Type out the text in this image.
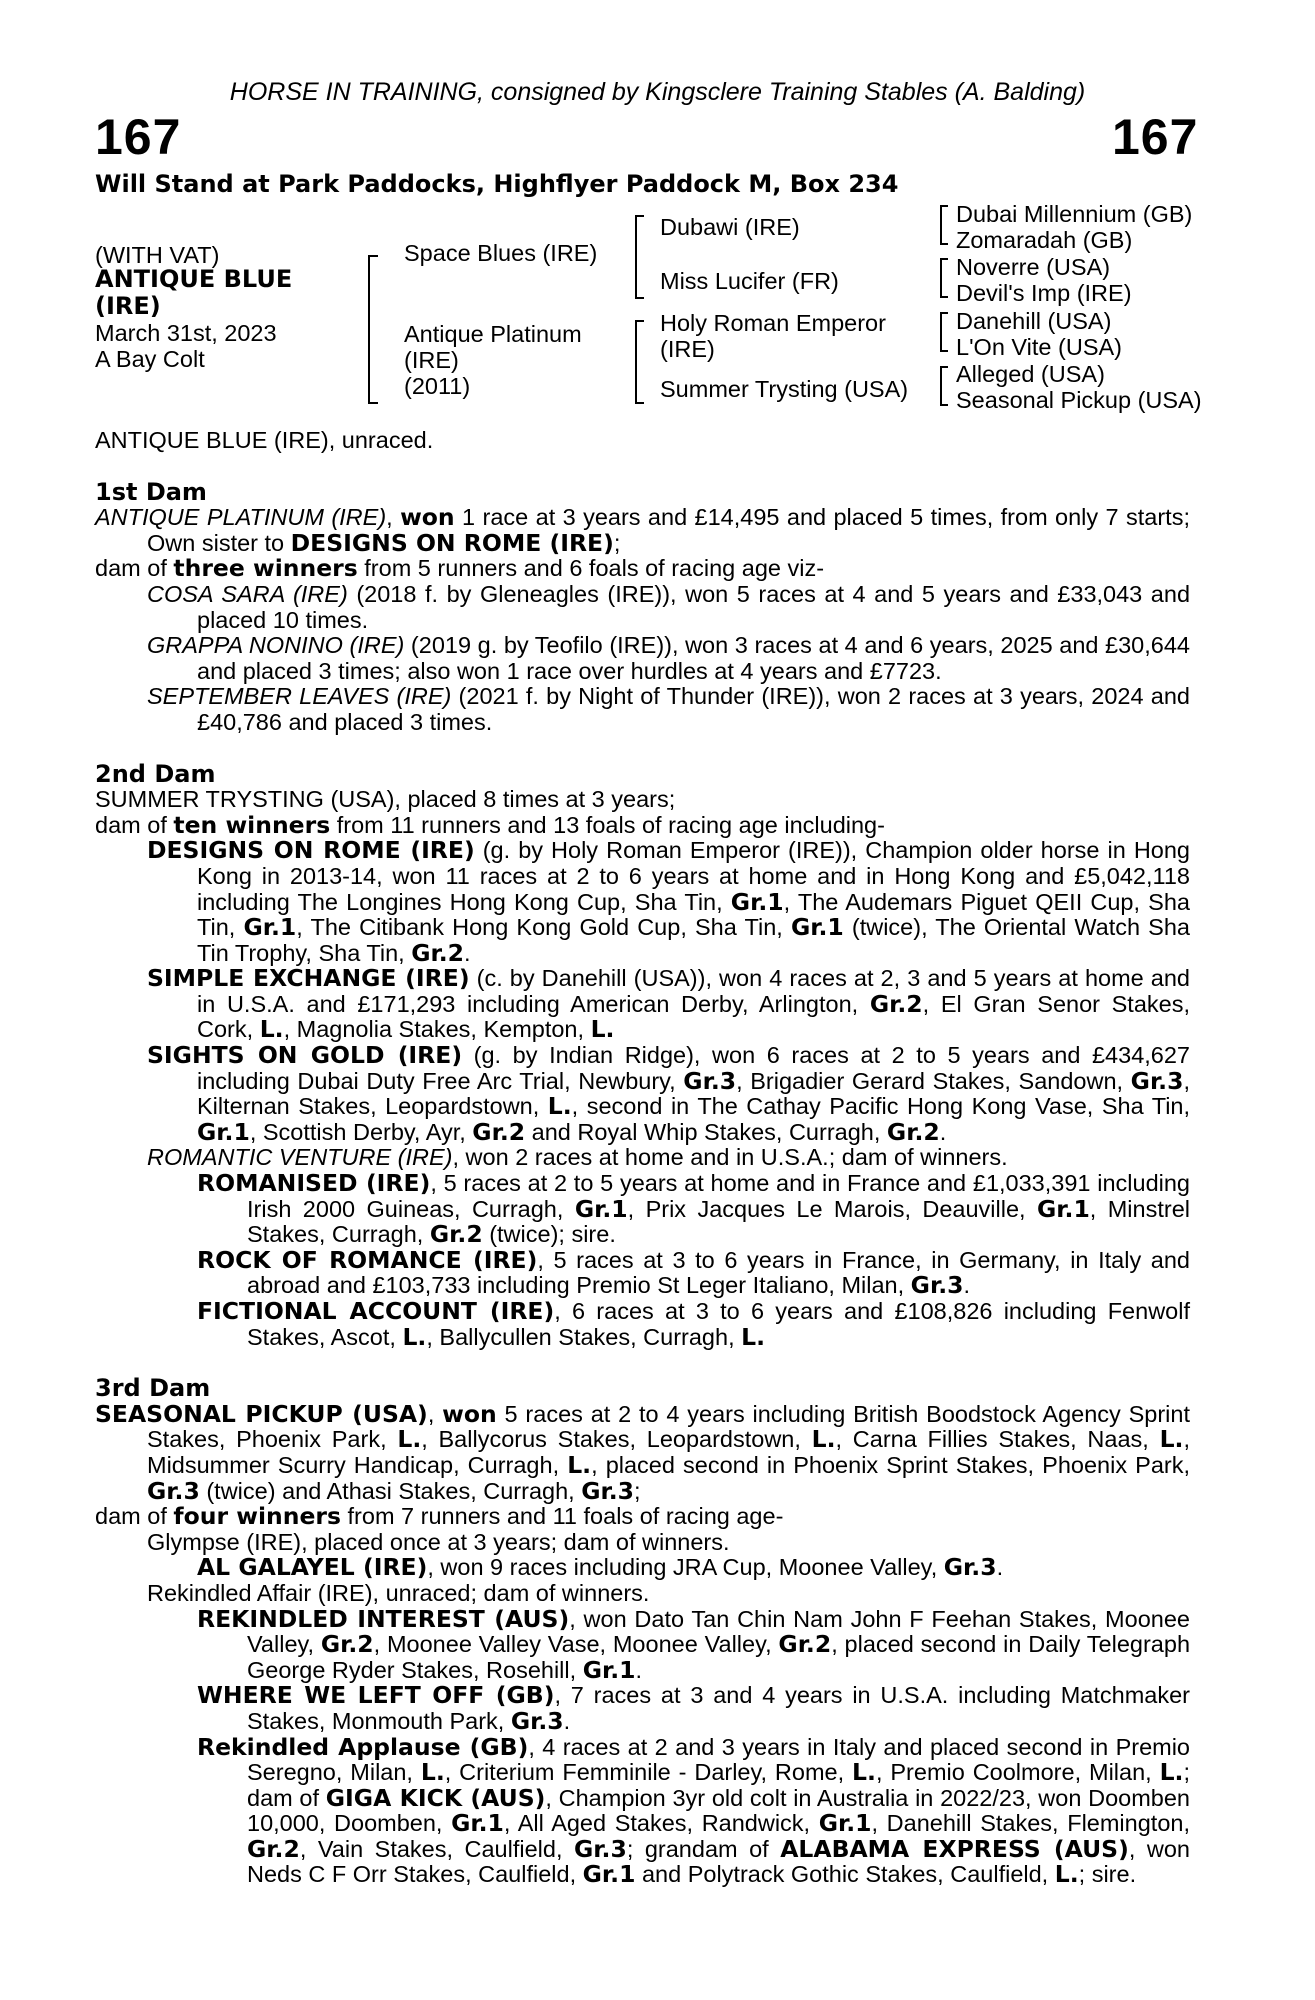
HORSE IN TRAINING, consigned by Kingsclere Training Stables (A. Balding)
167	167
Will Stand at Park Paddocks, Highflyer Paddock M, Box 234
(WITH VAT)
ANTIQUE BLUE
(IRE)
March 31st, 2023
A Bay Colt
Space Blues (IRE)
Antique Platinum
(IRE)
(2011)
Dubawi (IRE)
Miss Lucifer (FR)
Holy Roman Emperor
(IRE)
Summer Trysting (USA)
Dubai Millennium (GB)
Zomaradah (GB)
Noverre (USA)
Devil's Imp (IRE)
Danehill (USA)
L'On Vite (USA)
Alleged (USA)
Seasonal Pickup (USA)

ANTIQUE BLUE (IRE), unraced.

1st Dam

ANTIQUE PLATINUM (IRE), won 1 race at 3 years and £14,495 and placed 5 times, from only 7 starts; Own sister to DESIGNS ON ROME (IRE);

dam of three winners from 5 runners and 6 foals of racing age viz-

COSA SARA (IRE) (2018 f. by Gleneagles (IRE)), won 5 races at 4 and 5 years and £33,043 and placed 10 times.

GRAPPA NONINO (IRE) (2019 g. by Teofilo (IRE)), won 3 races at 4 and 6 years, 2025 and £30,644 and placed 3 times; also won 1 race over hurdles at 4 years and £7723.

SEPTEMBER LEAVES (IRE) (2021 f. by Night of Thunder (IRE)), won 2 races at 3 years, 2024 and £40,786 and placed 3 times.

2nd Dam

SUMMER TRYSTING (USA), placed 8 times at 3 years;

dam of ten winners from 11 runners and 13 foals of racing age including-

DESIGNS ON ROME (IRE) (g. by Holy Roman Emperor (IRE)), Champion older horse in Hong Kong in 2013-14, won 11 races at 2 to 6 years at home and in Hong Kong and £5,042,118 including The Longines Hong Kong Cup, Sha Tin, Gr.1, The Audemars Piguet QEII Cup, Sha Tin, Gr.1, The Citibank Hong Kong Gold Cup, Sha Tin, Gr.1 (twice), The Oriental Watch Sha Tin Trophy, Sha Tin, Gr.2.

SIMPLE EXCHANGE (IRE) (c. by Danehill (USA)), won 4 races at 2, 3 and 5 years at home and in U.S.A. and £171,293 including American Derby, Arlington, Gr.2, El Gran Senor Stakes, Cork, L., Magnolia Stakes, Kempton, L.

SIGHTS ON GOLD (IRE) (g. by Indian Ridge), won 6 races at 2 to 5 years and £434,627 including Dubai Duty Free Arc Trial, Newbury, Gr.3, Brigadier Gerard Stakes, Sandown, Gr.3, Kilternan Stakes, Leopardstown, L., second in The Cathay Pacific Hong Kong Vase, Sha Tin, Gr.1, Scottish Derby, Ayr, Gr.2 and Royal Whip Stakes, Curragh, Gr.2.

ROMANTIC VENTURE (IRE), won 2 races at home and in U.S.A.; dam of winners.

ROMANISED (IRE), 5 races at 2 to 5 years at home and in France and £1,033,391 including Irish 2000 Guineas, Curragh, Gr.1, Prix Jacques Le Marois, Deauville, Gr.1, Minstrel Stakes, Curragh, Gr.2 (twice); sire.

ROCK OF ROMANCE (IRE), 5 races at 3 to 6 years in France, in Germany, in Italy and abroad and £103,733 including Premio St Leger Italiano, Milan, Gr.3.

FICTIONAL ACCOUNT (IRE), 6 races at 3 to 6 years and £108,826 including Fenwolf Stakes, Ascot, L., Ballycullen Stakes, Curragh, L.

3rd Dam

SEASONAL PICKUP (USA), won 5 races at 2 to 4 years including British Boodstock Agency Sprint Stakes, Phoenix Park, L., Ballycorus Stakes, Leopardstown, L., Carna Fillies Stakes, Naas, L., Midsummer Scurry Handicap, Curragh, L., placed second in Phoenix Sprint Stakes, Phoenix Park, Gr.3 (twice) and Athasi Stakes, Curragh, Gr.3;

dam of four winners from 7 runners and 11 foals of racing age-

Glympse (IRE), placed once at 3 years; dam of winners.

AL GALAYEL (IRE), won 9 races including JRA Cup, Moonee Valley, Gr.3.

Rekindled Affair (IRE), unraced; dam of winners.

REKINDLED INTEREST (AUS), won Dato Tan Chin Nam John F Feehan Stakes, Moonee Valley, Gr.2, Moonee Valley Vase, Moonee Valley, Gr.2, placed second in Daily Telegraph George Ryder Stakes, Rosehill, Gr.1.

WHERE WE LEFT OFF (GB), 7 races at 3 and 4 years in U.S.A. including Matchmaker Stakes, Monmouth Park, Gr.3.

Rekindled Applause (GB), 4 races at 2 and 3 years in Italy and placed second in Premio Seregno, Milan, L., Criterium Femminile - Darley, Rome, L., Premio Coolmore, Milan, L.; dam of GIGA KICK (AUS), Champion 3yr old colt in Australia in 2022/23, won Doomben 10,000, Doomben, Gr.1, All Aged Stakes, Randwick, Gr.1, Danehill Stakes, Flemington, Gr.2, Vain Stakes, Caulfield, Gr.3; grandam of ALABAMA EXPRESS (AUS), won Neds C F Orr Stakes, Caulfield, Gr.1 and Polytrack Gothic Stakes, Caulfield, L.; sire.
